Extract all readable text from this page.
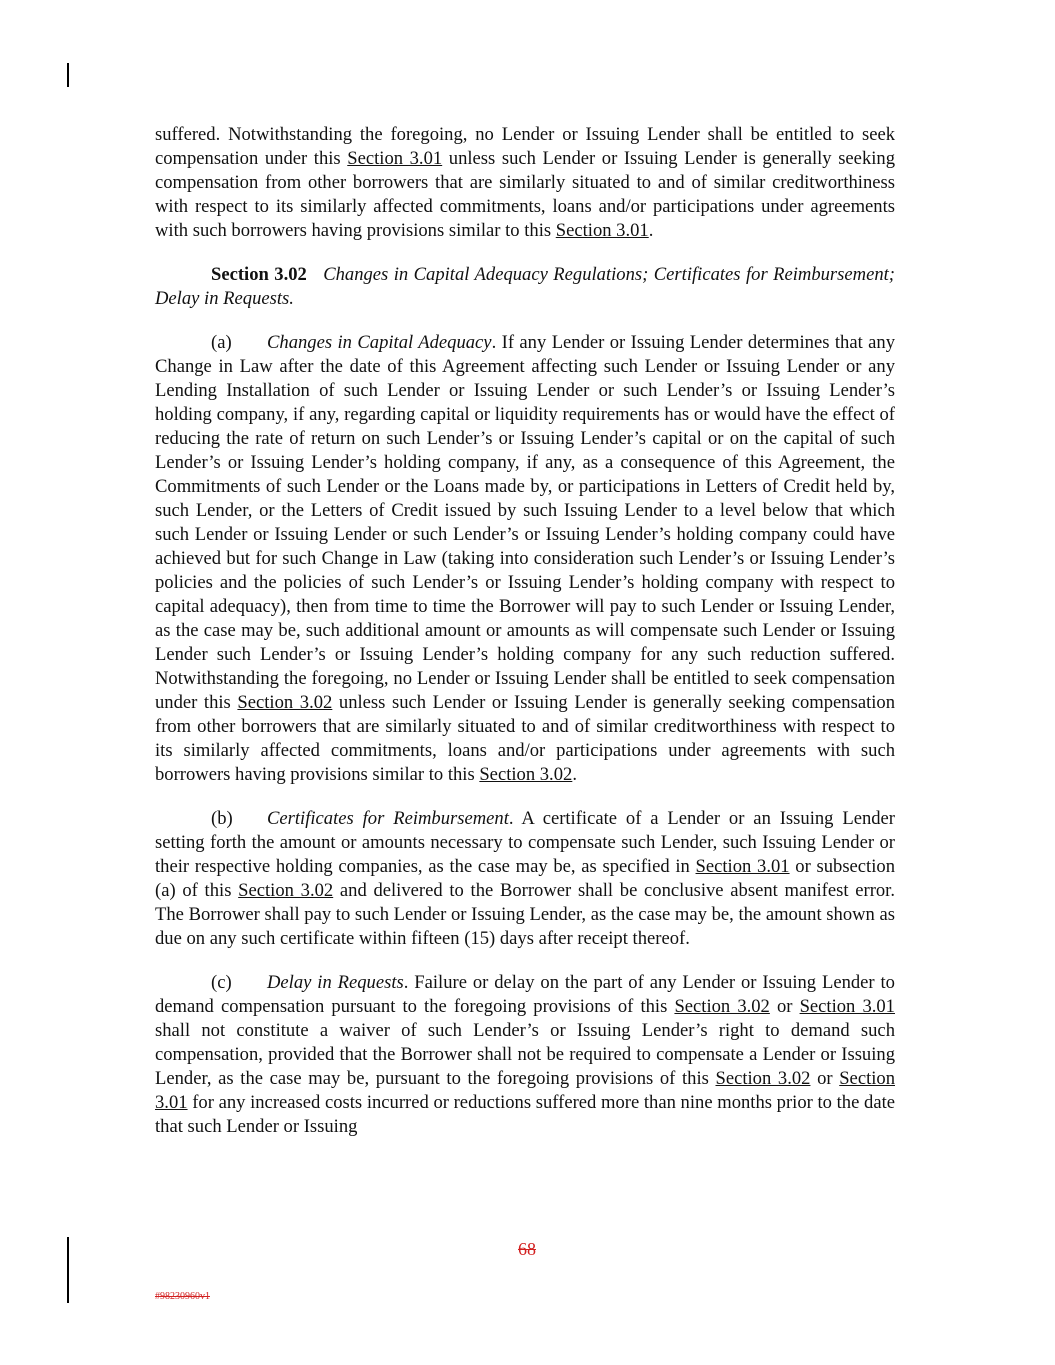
suffered. Notwithstanding the foregoing, no Lender or Issuing Lender shall be entitled to seek compensation under this Section 3.01 unless such Lender or Issuing Lender is generally seeking compensation from other borrowers that are similarly situated to and of similar creditworthiness with respect to its similarly affected commitments, loans and/or participations under agreements with such borrowers having provisions similar to this Section 3.01.

Section 3.02 Changes in Capital Adequacy Regulations; Certificates for Reimbursement; Delay in Requests.

(a) Changes in Capital Adequacy. If any Lender or Issuing Lender determines that any Change in Law after the date of this Agreement affecting such Lender or Issuing Lender or any Lending Installation of such Lender or Issuing Lender or such Lender’s or Issuing Lender’s holding company, if any, regarding capital or liquidity requirements has or would have the effect of reducing the rate of return on such Lender’s or Issuing Lender’s capital or on the capital of such Lender’s or Issuing Lender’s holding company, if any, as a consequence of this Agreement, the Commitments of such Lender or the Loans made by, or participations in Letters of Credit held by, such Lender, or the Letters of Credit issued by such Issuing Lender to a level below that which such Lender or Issuing Lender or such Lender’s or Issuing Lender’s holding company could have achieved but for such Change in Law (taking into consideration such Lender’s or Issuing Lender’s policies and the policies of such Lender’s or Issuing Lender’s holding company with respect to capital adequacy), then from time to time the Borrower will pay to such Lender or Issuing Lender, as the case may be, such additional amount or amounts as will compensate such Lender or Issuing Lender such Lender’s or Issuing Lender’s holding company for any such reduction suffered. Notwithstanding the foregoing, no Lender or Issuing Lender shall be entitled to seek compensation under this Section 3.02 unless such Lender or Issuing Lender is generally seeking compensation from other borrowers that are similarly situated to and of similar creditworthiness with respect to its similarly affected commitments, loans and/or participations under agreements with such borrowers having provisions similar to this Section 3.02.

(b) Certificates for Reimbursement. A certificate of a Lender or an Issuing Lender setting forth the amount or amounts necessary to compensate such Lender, such Issuing Lender or their respective holding companies, as the case may be, as specified in Section 3.01 or subsection (a) of this Section 3.02 and delivered to the Borrower shall be conclusive absent manifest error. The Borrower shall pay to such Lender or Issuing Lender, as the case may be, the amount shown as due on any such certificate within fifteen (15) days after receipt thereof.

(c) Delay in Requests. Failure or delay on the part of any Lender or Issuing Lender to demand compensation pursuant to the foregoing provisions of this Section 3.02 or Section 3.01 shall not constitute a waiver of such Lender’s or Issuing Lender’s right to demand such compensation, provided that the Borrower shall not be required to compensate a Lender or Issuing Lender, as the case may be, pursuant to the foregoing provisions of this Section 3.02 or Section 3.01 for any increased costs incurred or reductions suffered more than nine months prior to the date that such Lender or Issuing

68
#98230960v1
